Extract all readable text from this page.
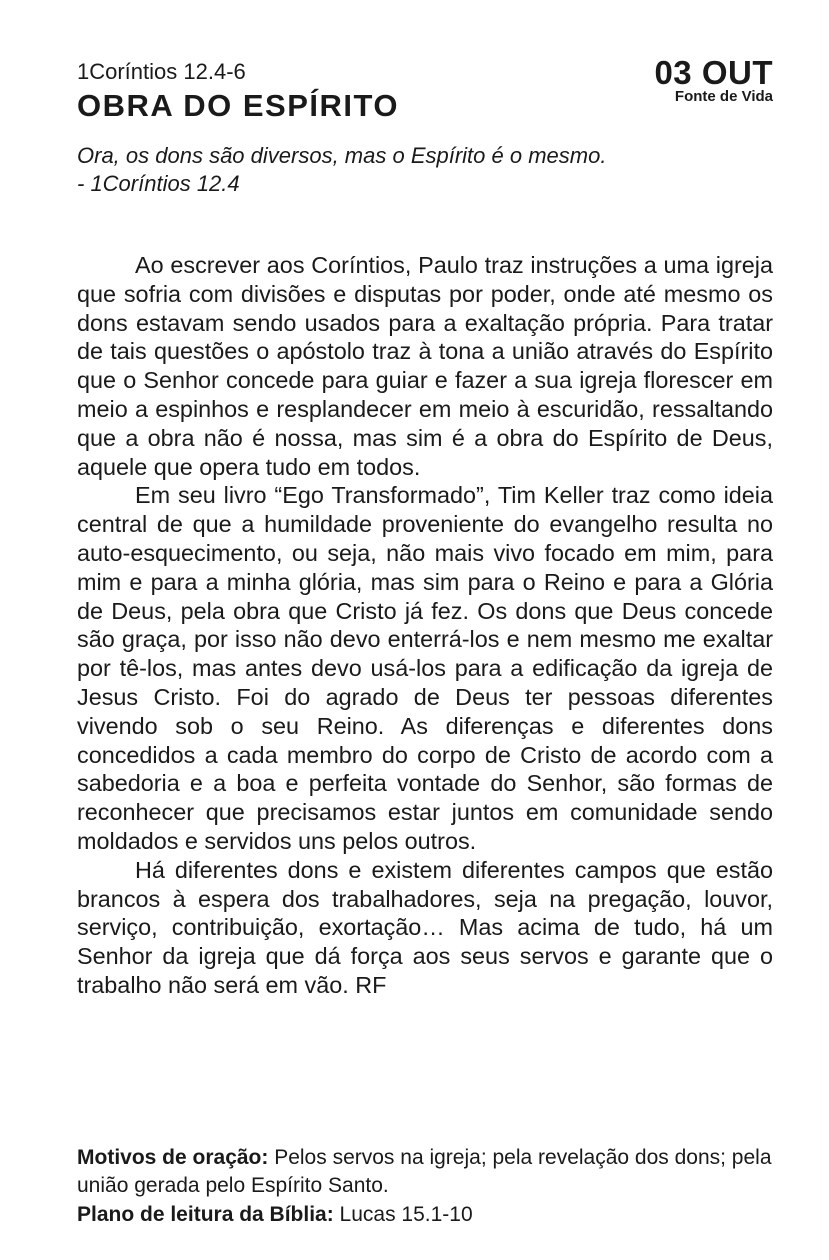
1Coríntios 12.4-6
OBRA DO ESPÍRITO
03 OUT
Fonte de Vida

Ora, os dons são diversos, mas o Espírito é o mesmo.

- 1Coríntios 12.4

Ao escrever aos Coríntios, Paulo traz instruções a uma igreja que sofria com divisões e disputas por poder, onde até mesmo os dons estavam sendo usados para a exaltação própria. Para tratar de tais questões o apóstolo traz à tona a união através do Espírito que o Senhor concede para guiar e fazer a sua igreja florescer em meio a espinhos e resplandecer em meio à escuridão, ressaltando que a obra não é nossa, mas sim é a obra do Espírito de Deus, aquele que opera tudo em todos.

Em seu livro “Ego Transformado”, Tim Keller traz como ideia central de que a humildade proveniente do evangelho resulta no auto-esquecimento, ou seja, não mais vivo focado em mim, para mim e para a minha glória, mas sim para o Reino e para a Glória de Deus, pela obra que Cristo já fez. Os dons que Deus concede são graça, por isso não devo enterrá-los e nem mesmo me exaltar por tê-los, mas antes devo usá-los para a edificação da igreja de Jesus Cristo. Foi do agrado de Deus ter pessoas diferentes vivendo sob o seu Reino. As diferenças e diferentes dons concedidos a cada membro do corpo de Cristo de acordo com a sabedoria e a boa e perfeita vontade do Senhor, são formas de reconhecer que precisamos estar juntos em comunidade sendo moldados e servidos uns pelos outros.

Há diferentes dons e existem diferentes campos que estão brancos à espera dos trabalhadores, seja na pregação, louvor, serviço, contribuição, exortação… Mas acima de tudo, há um Senhor da igreja que dá força aos seus servos e garante que o trabalho não será em vão. RF

Motivos de oração: Pelos servos na igreja; pela revelação dos dons; pela união gerada pelo Espírito Santo.
Plano de leitura da Bíblia: Lucas 15.1-10
